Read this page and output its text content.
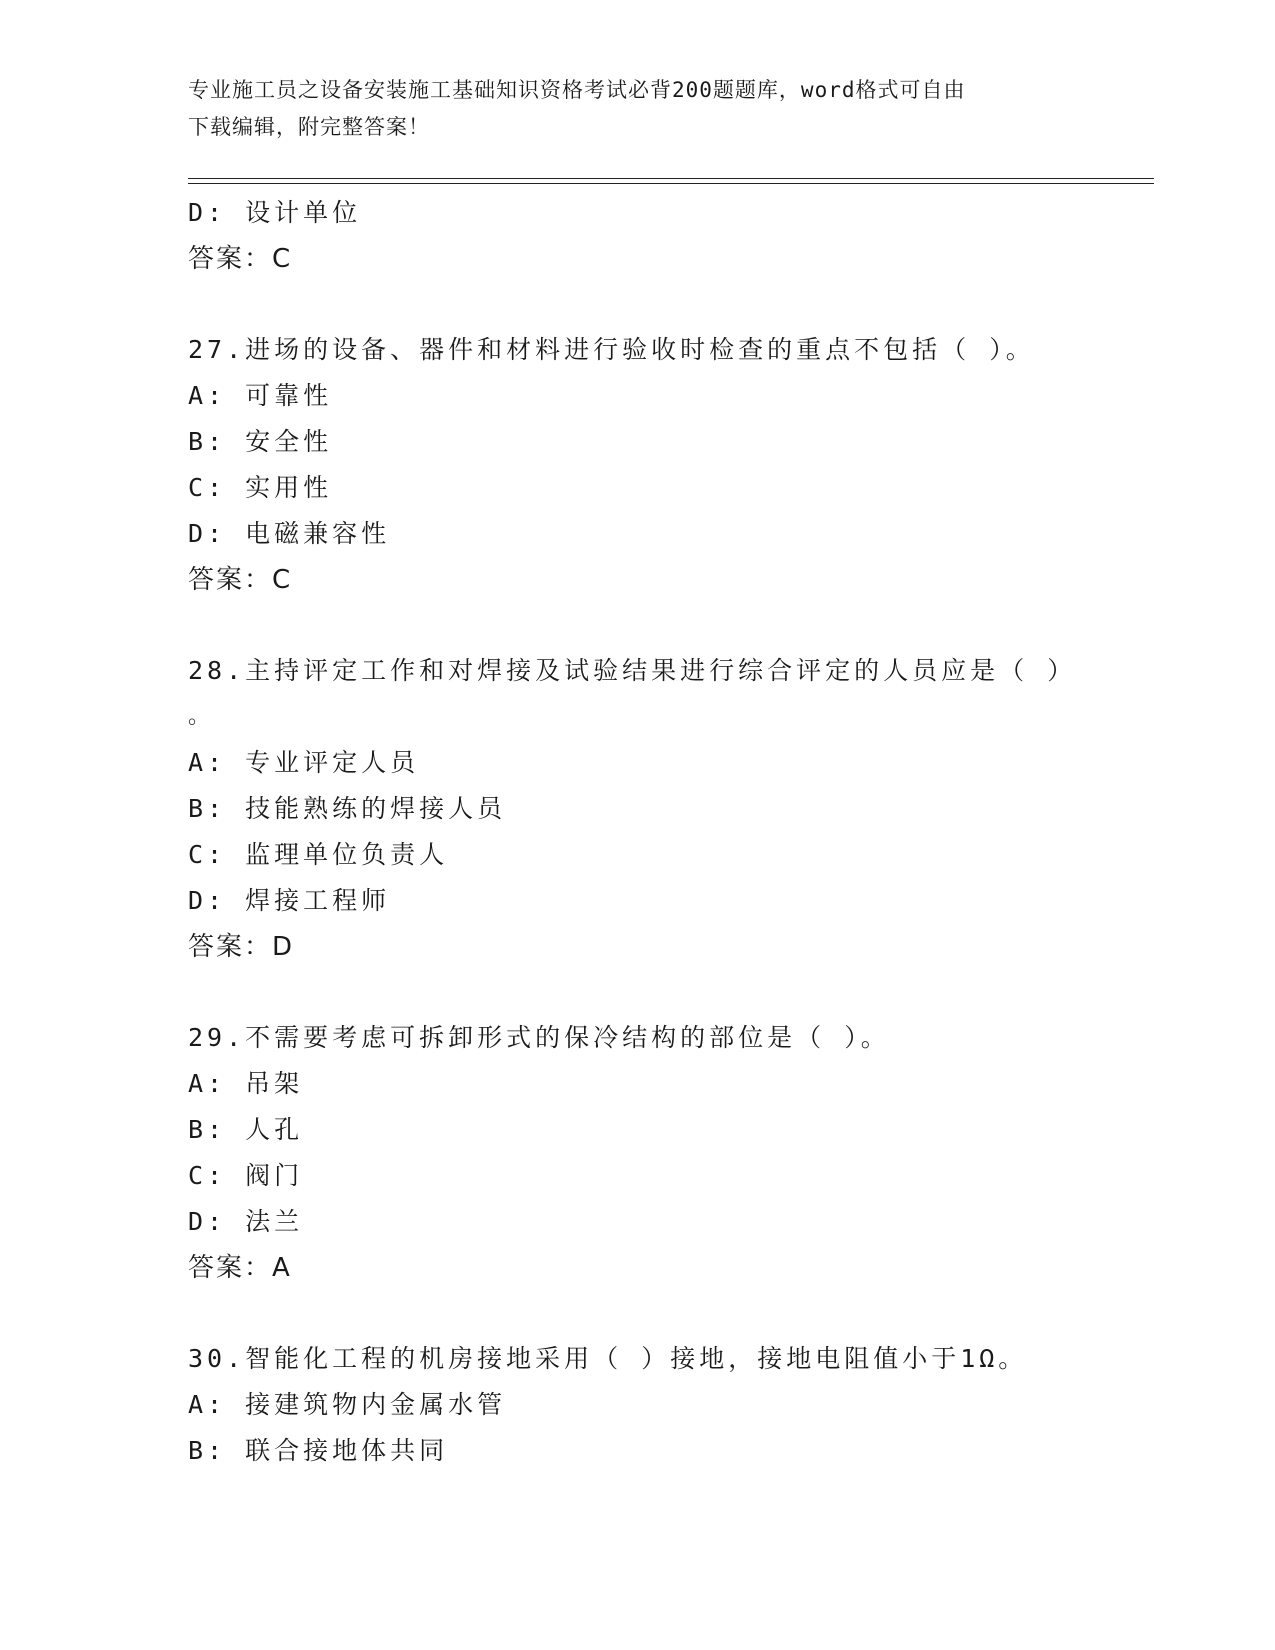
专业施工员之设备安装施工基础知识资格考试必背200题题库，word格式可自由
下载编辑，附完整答案！
D: 设计单位
答案：C
27.进场的设备、器件和材料进行验收时检查的重点不包括（ ）。
A: 可靠性
B: 安全性
C: 实用性
D: 电磁兼容性
答案：C
28.主持评定工作和对焊接及试验结果进行综合评定的人员应是（ ）
。
A: 专业评定人员
B: 技能熟练的焊接人员
C: 监理单位负责人
D: 焊接工程师
答案：D
29.不需要考虑可拆卸形式的保冷结构的部位是（ ）。
A: 吊架
B: 人孔
C: 阀门
D: 法兰
答案：A
30.智能化工程的机房接地采用（ ）接地，接地电阻值小于1Ω。
A: 接建筑物内金属水管
B: 联合接地体共同
